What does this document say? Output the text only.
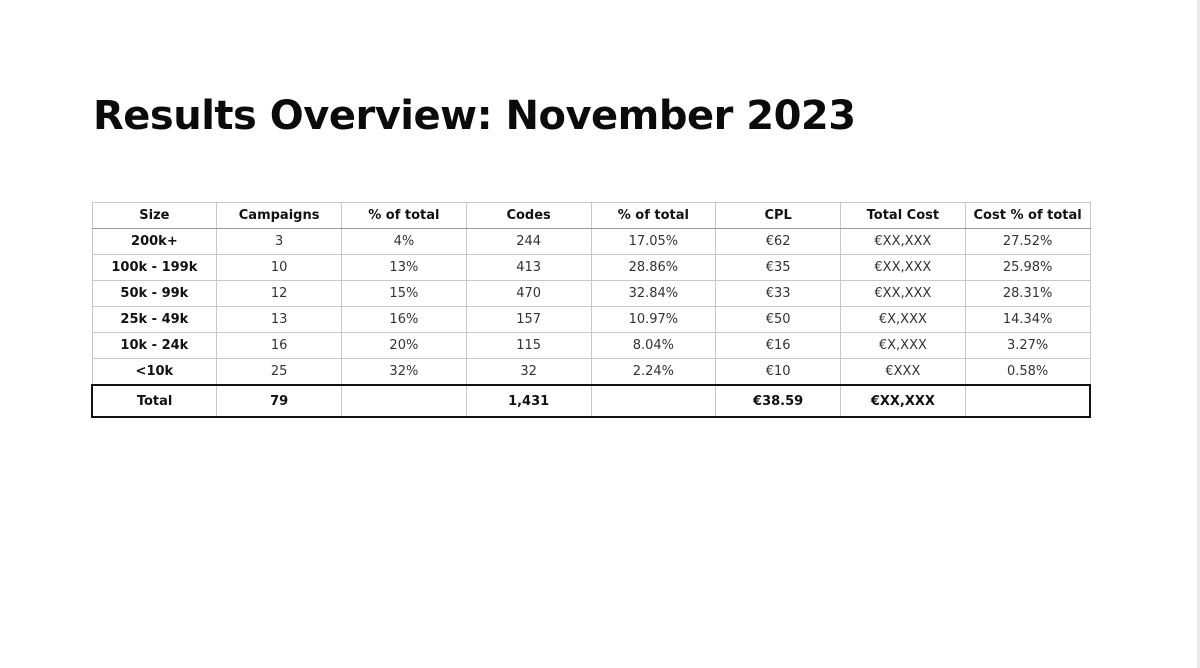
Results Overview: November 2023
Size	Campaigns	% of total	Codes	% of total	CPL	Total Cost	Cost % of total
200k+	3	4%	244	17.05%	€62	€XX,XXX	27.52%
100k - 199k	10	13%	413	28.86%	€35	€XX,XXX	25.98%
50k - 99k	12	15%	470	32.84%	€33	€XX,XXX	28.31%
25k - 49k	13	16%	157	10.97%	€50	€X,XXX	14.34%
10k - 24k	16	20%	115	8.04%	€16	€X,XXX	3.27%
<10k	25	32%	32	2.24%	€10	€XXX	0.58%
Total	79		1,431		€38.59	€XX,XXX	
